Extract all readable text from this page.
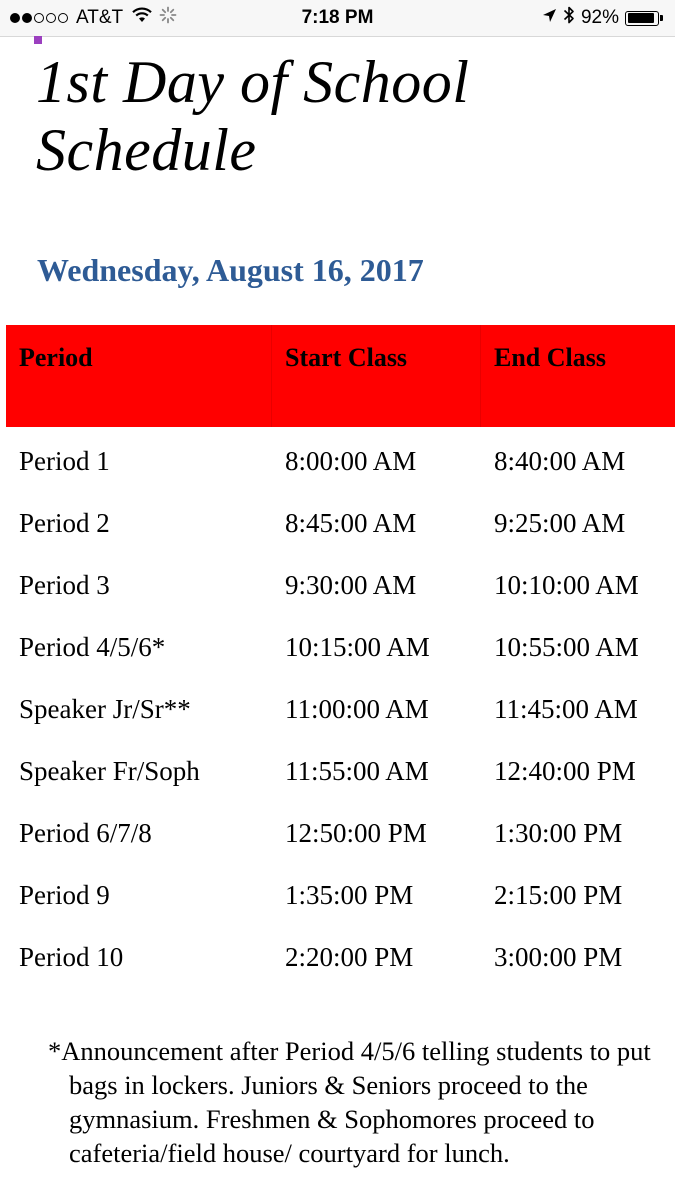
AT&T	7:18 PM	92%
1st Day of School
Schedule
Wednesday, August 16, 2017
Period	Start Class	End Class
Period 1	8:00:00 AM	8:40:00 AM
Period 2	8:45:00 AM	9:25:00 AM
Period 3	9:30:00 AM	10:10:00 AM
Period 4/5/6*	10:15:00 AM	10:55:00 AM
Speaker Jr/Sr**	11:00:00 AM	11:45:00 AM
Speaker Fr/Soph	11:55:00 AM	12:40:00 PM
Period 6/7/8	12:50:00 PM	1:30:00 PM
Period 9	1:35:00 PM	2:15:00 PM
Period 10	2:20:00 PM	3:00:00 PM

*Announcement after Period 4/5/6 telling students to put bags in lockers. Juniors & Seniors proceed to the gymnasium. Freshmen & Sophomores proceed to cafeteria/field house/ courtyard for lunch.
